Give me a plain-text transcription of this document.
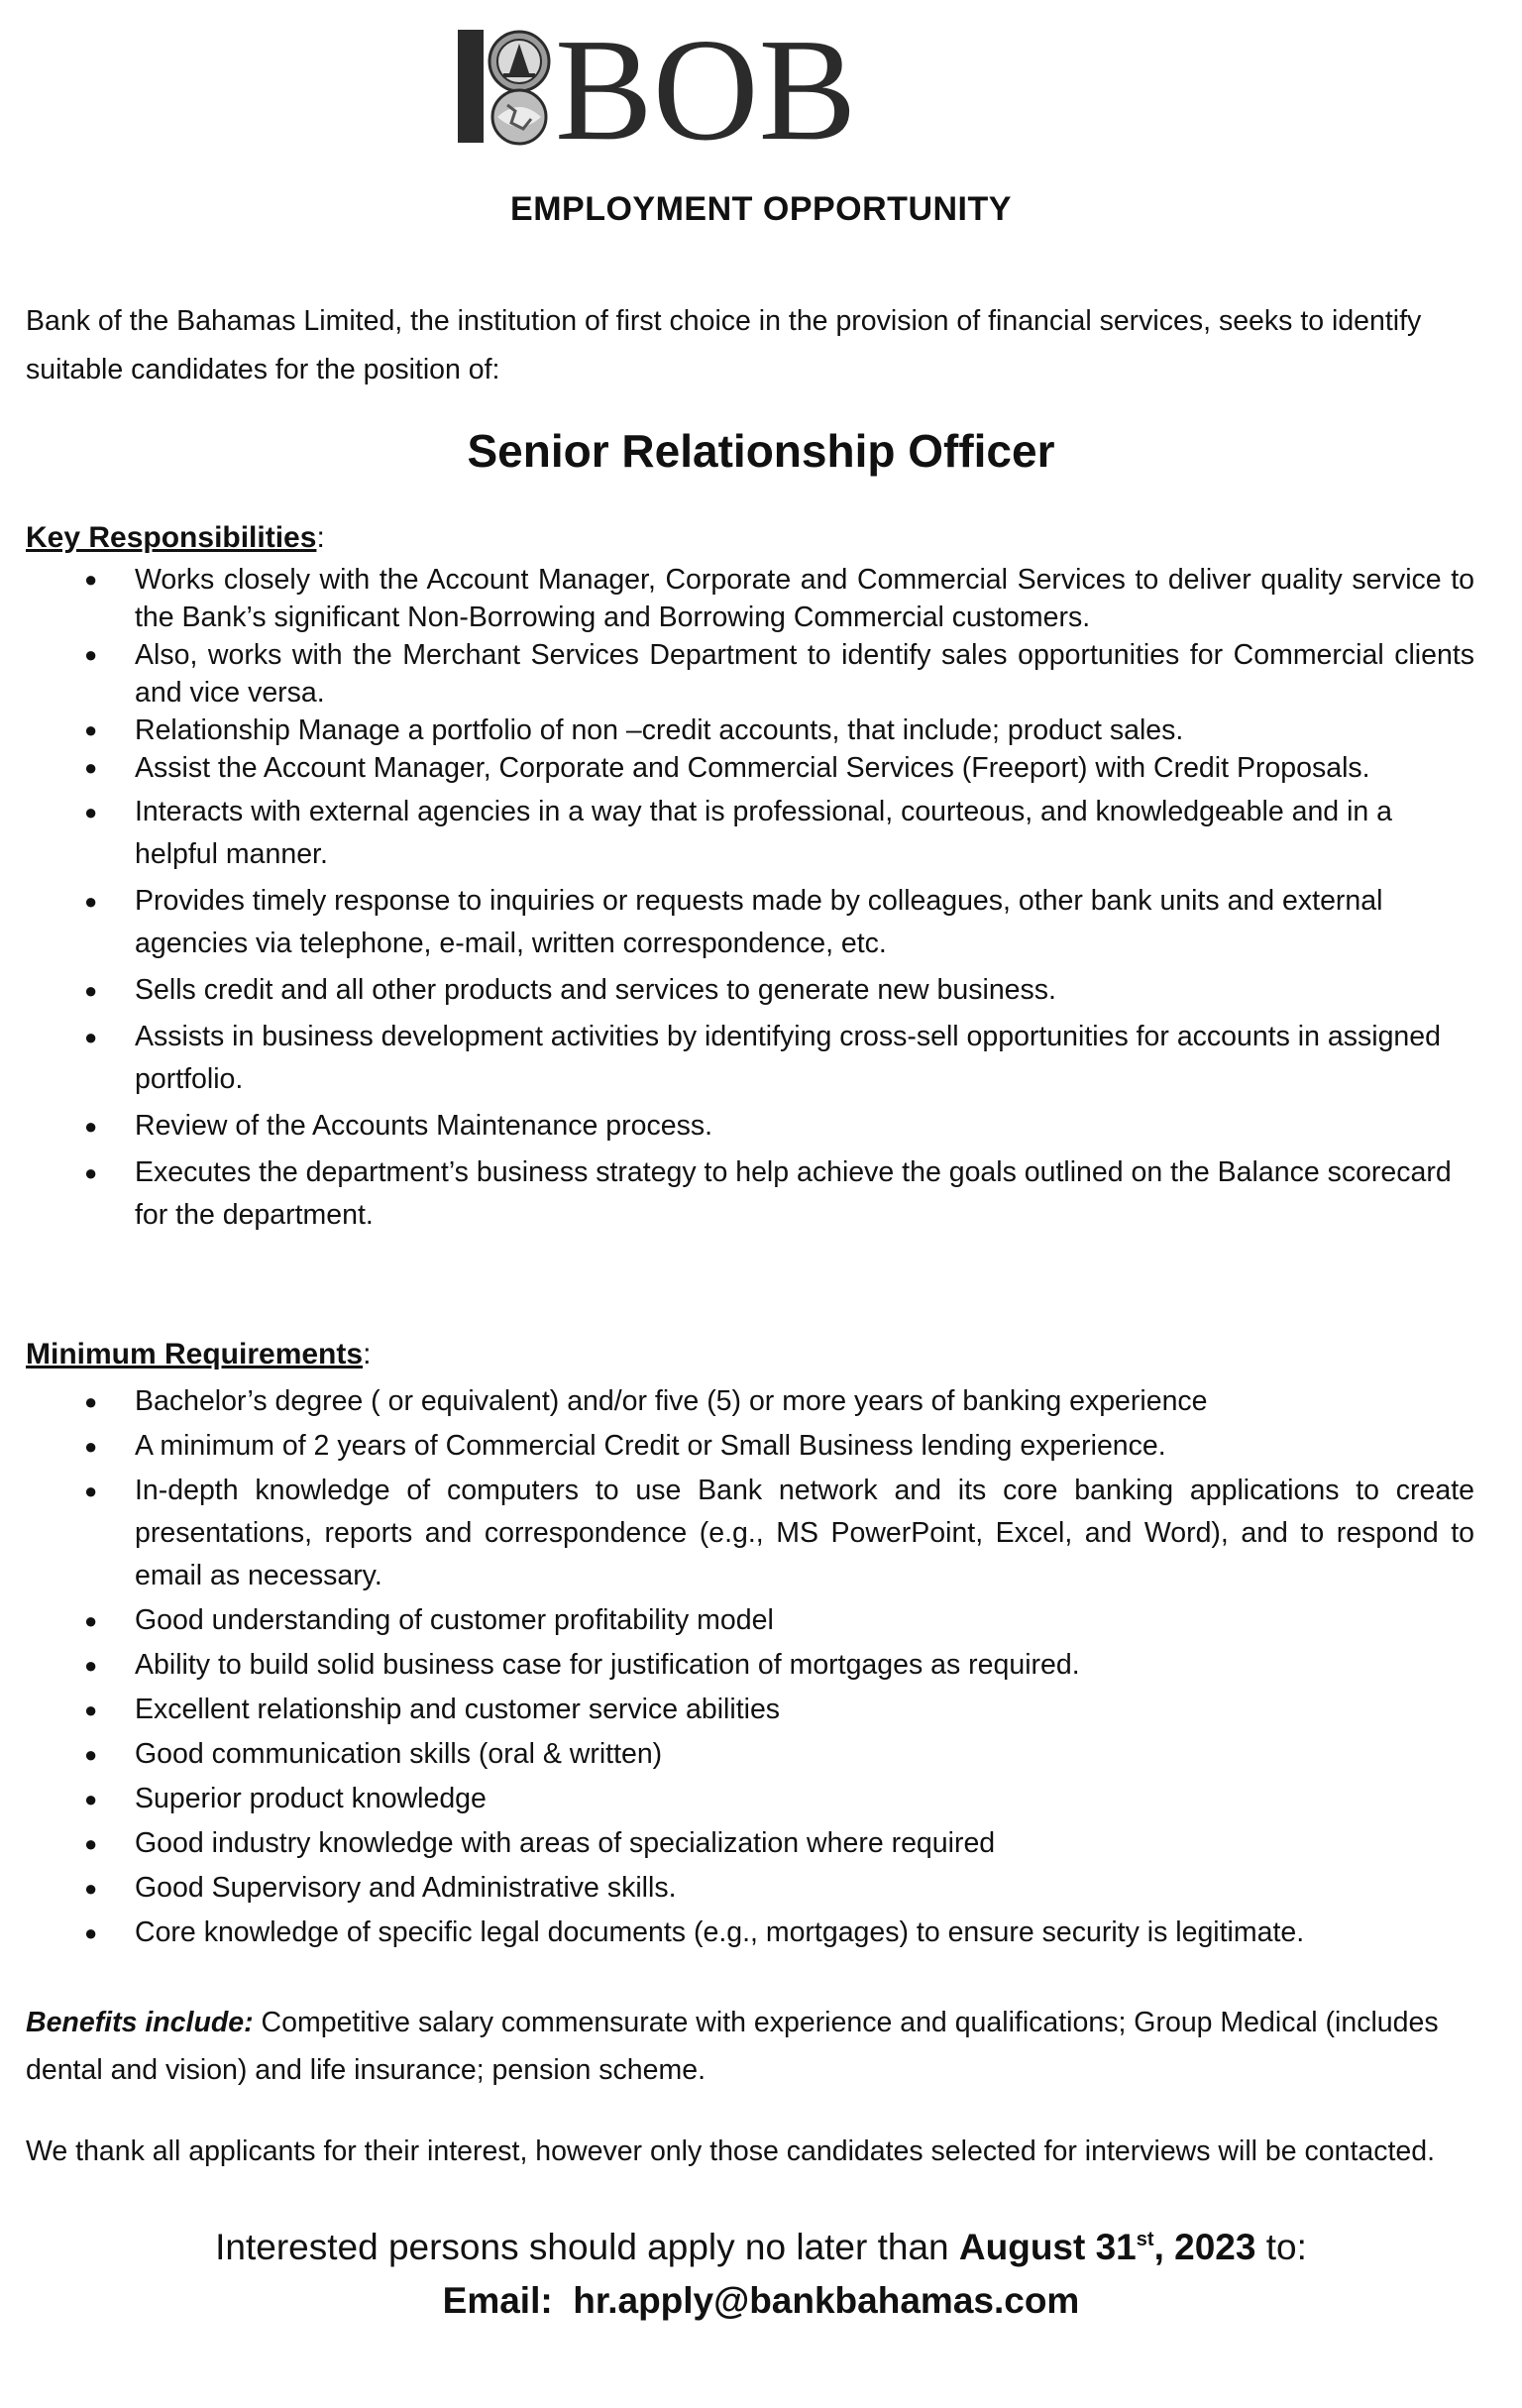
BOB
EMPLOYMENT OPPORTUNITY
Bank of the Bahamas Limited, the institution of first choice in the provision of financial services, seeks to identify suitable candidates for the position of:
Senior Relationship Officer
Key Responsibilities:
● Works closely with the Account Manager, Corporate and Commercial Services to deliver quality service to the Bank’s significant Non-Borrowing and Borrowing Commercial customers.
● Also, works with the Merchant Services Department to identify sales opportunities for Commercial clients and vice versa.
● Relationship Manage a portfolio of non –credit accounts, that include; product sales.
● Assist the Account Manager, Corporate and Commercial Services (Freeport) with Credit Proposals.
● Interacts with external agencies in a way that is professional, courteous, and knowledgeable and in a helpful manner.
● Provides timely response to inquiries or requests made by colleagues, other bank units and external agencies via telephone, e-mail, written correspondence, etc.
● Sells credit and all other products and services to generate new business.
● Assists in business development activities by identifying cross-sell opportunities for accounts in assigned portfolio.
● Review of the Accounts Maintenance process.
● Executes the department’s business strategy to help achieve the goals outlined on the Balance scorecard for the department.
Minimum Requirements:
● Bachelor’s degree ( or equivalent) and/or five (5) or more years of banking experience
● A minimum of 2 years of Commercial Credit or Small Business lending experience.
● In-depth knowledge of computers to use Bank network and its core banking applications to create presentations, reports and correspondence (e.g., MS PowerPoint, Excel, and Word), and to respond to email as necessary.
● Good understanding of customer profitability model
● Ability to build solid business case for justification of mortgages as required.
● Excellent relationship and customer service abilities
● Good communication skills (oral & written)
● Superior product knowledge
● Good industry knowledge with areas of specialization where required
● Good Supervisory and Administrative skills.
● Core knowledge of specific legal documents (e.g., mortgages) to ensure security is legitimate.
Benefits include: Competitive salary commensurate with experience and qualifications; Group Medical (includes dental and vision) and life insurance; pension scheme.
We thank all applicants for their interest, however only those candidates selected for interviews will be contacted.
Interested persons should apply no later than August 31st, 2023 to:
Email: hr.apply@bankbahamas.com
